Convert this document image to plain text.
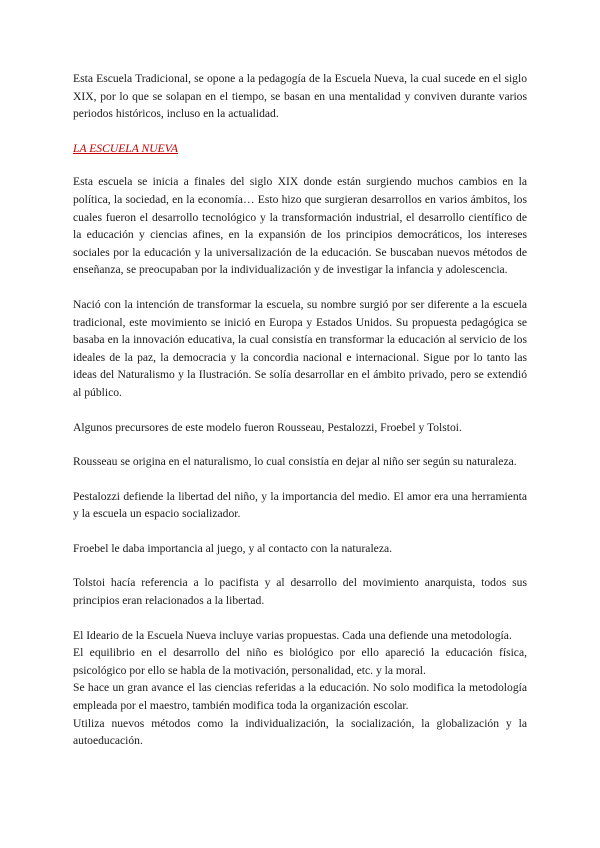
Esta Escuela Tradicional, se opone a la pedagogía de la Escuela Nueva, la cual sucede en el siglo XIX, por lo que se solapan en el tiempo, se basan en una mentalidad y conviven durante varios periodos históricos, incluso en la actualidad.

LA ESCUELA NUEVA

Esta escuela se inicia a finales del siglo XIX donde están surgiendo muchos cambios en la política, la sociedad, en la economía… Esto hizo que surgieran desarrollos en varios ámbitos, los cuales fueron el desarrollo tecnológico y la transformación industrial, el desarrollo científico de la educación y ciencias afines, en la expansión de los principios democráticos, los intereses sociales por la educación y la universalización de la educación. Se buscaban nuevos métodos de enseñanza, se preocupaban por la individualización y de investigar la infancia y adolescencia.

Nació con la intención de transformar la escuela, su nombre surgió por ser diferente a la escuela tradicional, este movimiento se inició en Europa y Estados Unidos. Su propuesta pedagógica se basaba en la innovación educativa, la cual consistía en transformar la educación al servicio de los ideales de la paz, la democracia y la concordia nacional e internacional. Sigue por lo tanto las ideas del Naturalismo y la Ilustración. Se solía desarrollar en el ámbito privado, pero se extendió al público.

Algunos precursores de este modelo fueron Rousseau, Pestalozzi, Froebel y Tolstoi.

Rousseau se origina en el naturalismo, lo cual consistía en dejar al niño ser según su naturaleza.

Pestalozzi defiende la libertad del niño, y la importancia del medio. El amor era una herramienta y la escuela un espacio socializador.

Froebel le daba importancia al juego, y al contacto con la naturaleza.

Tolstoi hacía referencia a lo pacifista y al desarrollo del movimiento anarquista, todos sus principios eran relacionados a la libertad.

El Ideario de la Escuela Nueva incluye varias propuestas. Cada una defiende una metodología.

El equilibrio en el desarrollo del niño es biológico por ello apareció la educación física, psicológico por ello se habla de la motivación, personalidad, etc. y la moral.

Se hace un gran avance el las ciencias referidas a la educación. No solo modifica la metodología empleada por el maestro, también modifica toda la organización escolar.

Utiliza nuevos métodos como la individualización, la socialización, la globalización y la autoeducación.
